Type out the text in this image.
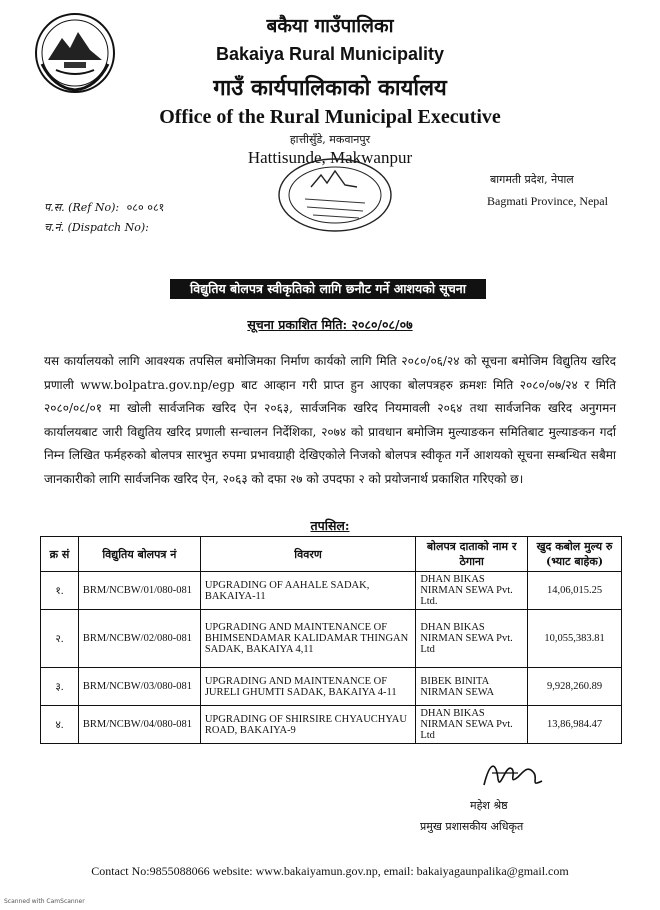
बकैया गाउँपालिका
Bakaiya Rural Municipality
गाउँ कार्यपालिकाको कार्यालय
Office of the Rural Municipal Executive
हात्तीसुँडे, मकवानपुर
Hattisunde, Makwanpur
बागमती प्रदेश, नेपाल
Bagmati Province, Nepal
प.स. (Ref No): ०८० ०८१
च.नं. (Dispatch No):
विद्युतिय बोलपत्र स्वीकृतिको लागि छनौट गर्ने आशयको सूचना
सूचना प्रकाशित मिति: २०८०/०८/०७
यस कार्यालयको लागि आवश्यक तपसिल बमोजिमका निर्माण कार्यको लागि मिति २०८०/०६/२४ को सूचना बमोजिम विद्युतिय खरिद प्रणाली www.bolpatra.gov.np/egp बाट आव्हान गरी प्राप्त हुन आएका बोलपत्रहरु क्रमशः मिति २०८०/०७/२४ र मिति २०८०/०८/०१ मा खोली सार्वजनिक खरिद ऐन २०६३, सार्वजनिक खरिद नियमावली २०६४ तथा सार्वजनिक खरिद अनुगमन कार्यालयबाट जारी विद्युतिय खरिद प्रणाली सन्चालन निर्देशिका, २०७४ को प्रावधान बमोजिम मुल्याङकन समितिबाट मुल्याङकन गर्दा निम्न लिखित फर्महरुको बोलपत्र सारभुत रुपमा प्रभावग्राही देखिएकोले निजको बोलपत्र स्वीकृत गर्ने आशयको सूचना सम्बन्धित सबैमा जानकारीको लागि सार्वजनिक खरिद ऐन, २०६३ को दफा २७ को उपदफा २ को प्रयोजनार्थ प्रकाशित गरिएको छ।
तपसिल:
क्र सं	विद्युतिय बोलपत्र नं	विवरण	बोलपत्र दाताको नाम र ठेगाना	खुद कबोल मुल्य रु (भ्याट बाहेक)
१.	BRM/NCBW/01/080-081	UPGRADING OF AAHALE SADAK, BAKAIYA-11	DHAN BIKAS NIRMAN SEWA Pvt. Ltd.	14,06,015.25
२.	BRM/NCBW/02/080-081	UPGRADING AND MAINTENANCE OF BHIMSENDAMAR KALIDAMAR THINGAN SADAK, BAKAIYA 4,11	DHAN BIKAS NIRMAN SEWA Pvt. Ltd	10,055,383.81
३.	BRM/NCBW/03/080-081	UPGRADING AND MAINTENANCE OF JURELI GHUMTI SADAK, BAKAIYA 4-11	BIBEK BINITA NIRMAN SEWA	9,928,260.89
४.	BRM/NCBW/04/080-081	UPGRADING OF SHIRSIRE CHYAUCHYAU ROAD, BAKAIYA-9	DHAN BIKAS NIRMAN SEWA Pvt. Ltd	13,86,984.47
महेश श्रेष्ठ
प्रमुख प्रशासकीय अधिकृत
Contact No:9855088066 website: www.bakaiyamun.gov.np, email: bakaiyagaunpalika@gmail.com
Scanned with CamScanner
